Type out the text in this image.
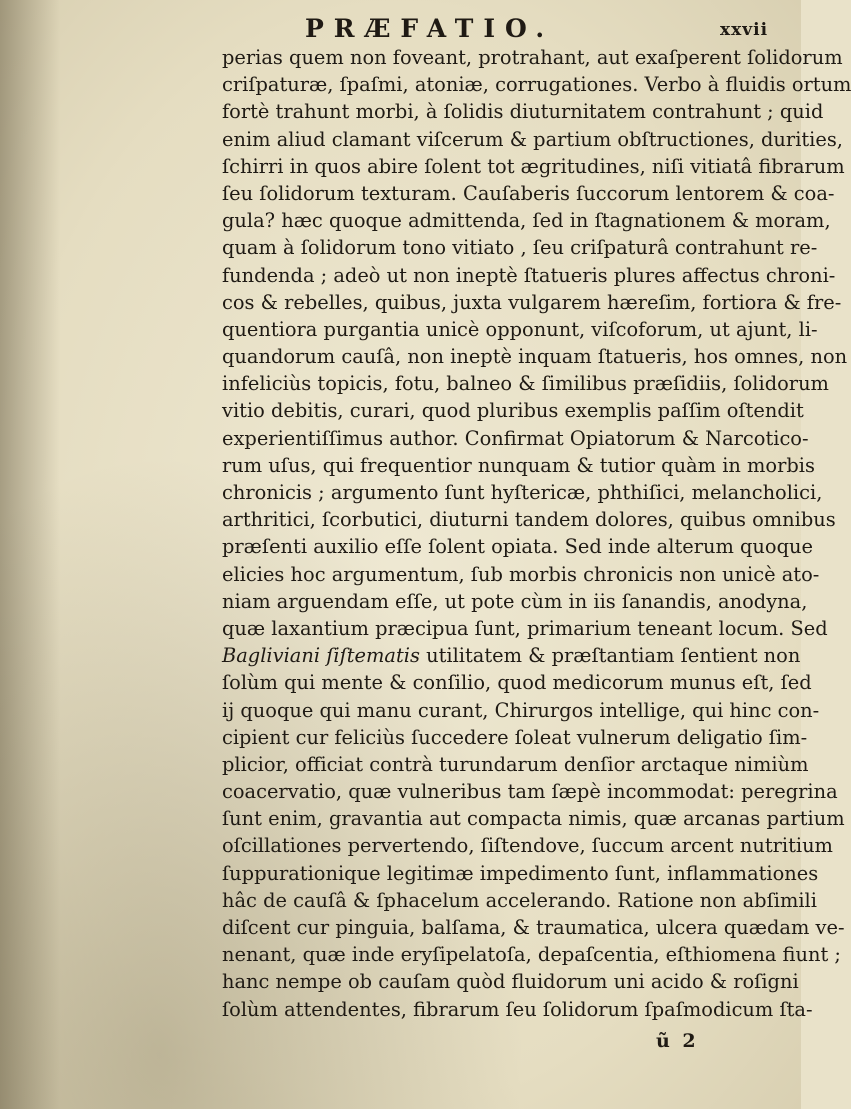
PRÆFATIO.	xxvii
perias quem non foveant, protrahant, aut exaſperent ſolidorum
criſpaturæ, ſpaſmi, atoniæ, corrugationes. Verbo à fluidis ortum
fortè trahunt morbi, à ſolidis diuturnitatem contrahunt ; quid
enim aliud clamant viſcerum & partium obſtructiones, durities,
ſchirri in quos abire ſolent tot ægritudines, niſi vitiatâ fibrarum
ſeu ſolidorum texturam. Cauſaberis ſuccorum lentorem & coa-
gula? hæc quoque admittenda, ſed in ſtagnationem & moram,
quam à ſolidorum tono vitiato , ſeu criſpaturâ contrahunt re-
fundenda ; adeò ut non ineptè ſtatueris plures affectus chroni-
cos & rebelles, quibus, juxta vulgarem hæreſim, fortiora & fre-
quentiora purgantia unicè opponunt, viſcoforum, ut ajunt, li-
quandorum cauſâ, non ineptè inquam ſtatueris, hos omnes, non
infeliciùs topicis, fotu, balneo & ſimilibus præſidiis, ſolidorum
vitio debitis, curari, quod pluribus exemplis paſſim oſtendit
experientiſſimus author. Confirmat Opiatorum & Narcotico-
rum uſus, qui frequentior nunquam & tutior quàm in morbis
chronicis ; argumento ſunt hyſtericæ, phthiſici, melancholici,
arthritici, ſcorbutici, diuturni tandem dolores, quibus omnibus
præſenti auxilio eſſe ſolent opiata. Sed inde alterum quoque
elicies hoc argumentum, ſub morbis chronicis non unicè ato-
niam arguendam eſſe, ut pote cùm in iis ſanandis, anodyna,
quæ laxantium præcipua ſunt, primarium teneant locum. Sed
Bagliviani ſiſtematis utilitatem & præſtantiam ſentient non
ſolùm qui mente & conſilio, quod medicorum munus eſt, ſed
ij quoque qui manu curant, Chirurgos intellige, qui hinc con-
cipient cur feliciùs ſuccedere ſoleat vulnerum deligatio ſim-
plicior, officiat contrà turundarum denſior arctaque nimiùm
coacervatio, quæ vulneribus tam ſæpè incommodat: peregrina
ſunt enim, gravantia aut compacta nimis, quæ arcanas partium
oſcillationes pervertendo, ſiſtendove, ſuccum arcent nutritium
ſuppurationique legitimæ impedimento ſunt, inflammationes
hâc de cauſâ & ſphacelum accelerando. Ratione non abſimili
diſcent cur pinguia, balſama, & traumatica, ulcera quædam ve-
nenant, quæ inde eryſipelatoſa, depaſcentia, eſthiomena fiunt ;
hanc nempe ob cauſam quòd fluidorum uni acido & roſigni
ſolùm attendentes, fibrarum ſeu ſolidorum ſpaſmodicum ſta-
ũ 2
